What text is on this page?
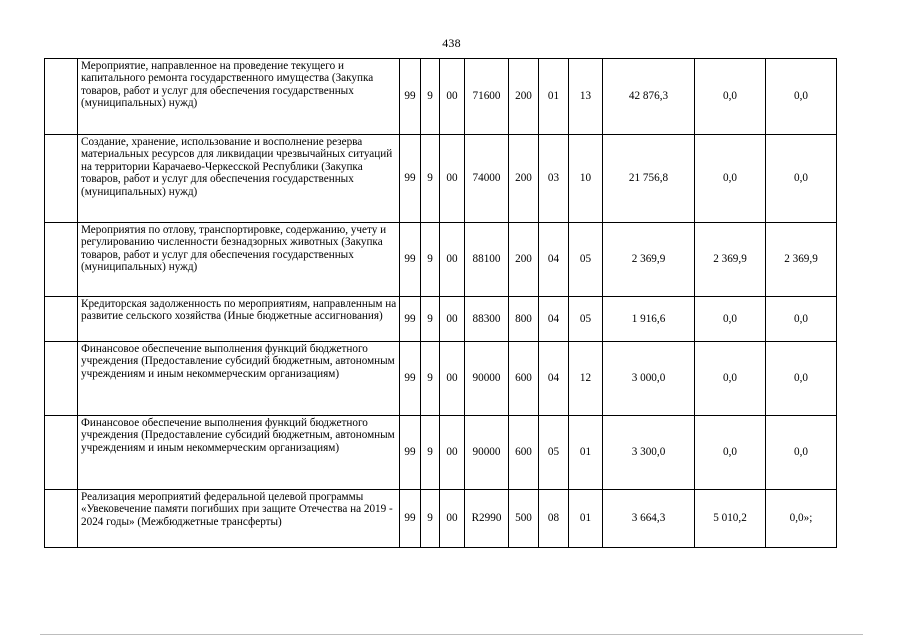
438
	Мероприятие, направленное на проведение текущего и капитального ремонта государственного имущества (Закупка товаров, работ и услуг для обеспечения государственных (муниципальных) нужд)	99	9	00	71600	200	01	13	42 876,3	0,0	0,0
	Создание, хранение, использование и восполнение резерва материальных ресурсов для ликвидации чрезвычайных ситуаций на территории Карачаево-Черкесской Республики (Закупка товаров, работ и услуг для обеспечения государственных (муниципальных) нужд)	99	9	00	74000	200	03	10	21 756,8	0,0	0,0
	Мероприятия по отлову, транспортировке, содержанию, учету и регулированию численности безнадзорных животных (Закупка товаров, работ и услуг для обеспечения государственных (муниципальных) нужд)	99	9	00	88100	200	04	05	2 369,9	2 369,9	2 369,9
	Кредиторская задолженность по мероприятиям, направленным на развитие сельского хозяйства (Иные бюджетные ассигнования)	99	9	00	88300	800	04	05	1 916,6	0,0	0,0
	Финансовое обеспечение выполнения функций бюджетного учреждения (Предоставление субсидий бюджетным, автономным учреждениям и иным некоммерческим организациям)	99	9	00	90000	600	04	12	3 000,0	0,0	0,0
	Финансовое обеспечение выполнения функций бюджетного учреждения (Предоставление субсидий бюджетным, автономным учреждениям и иным некоммерческим организациям)	99	9	00	90000	600	05	01	3 300,0	0,0	0,0
	Реализация мероприятий федеральной целевой программы «Увековечение памяти погибших при защите Отечества на 2019 - 2024 годы» (Межбюджетные трансферты)	99	9	00	R2990	500	08	01	3 664,3	5 010,2	0,0»;
